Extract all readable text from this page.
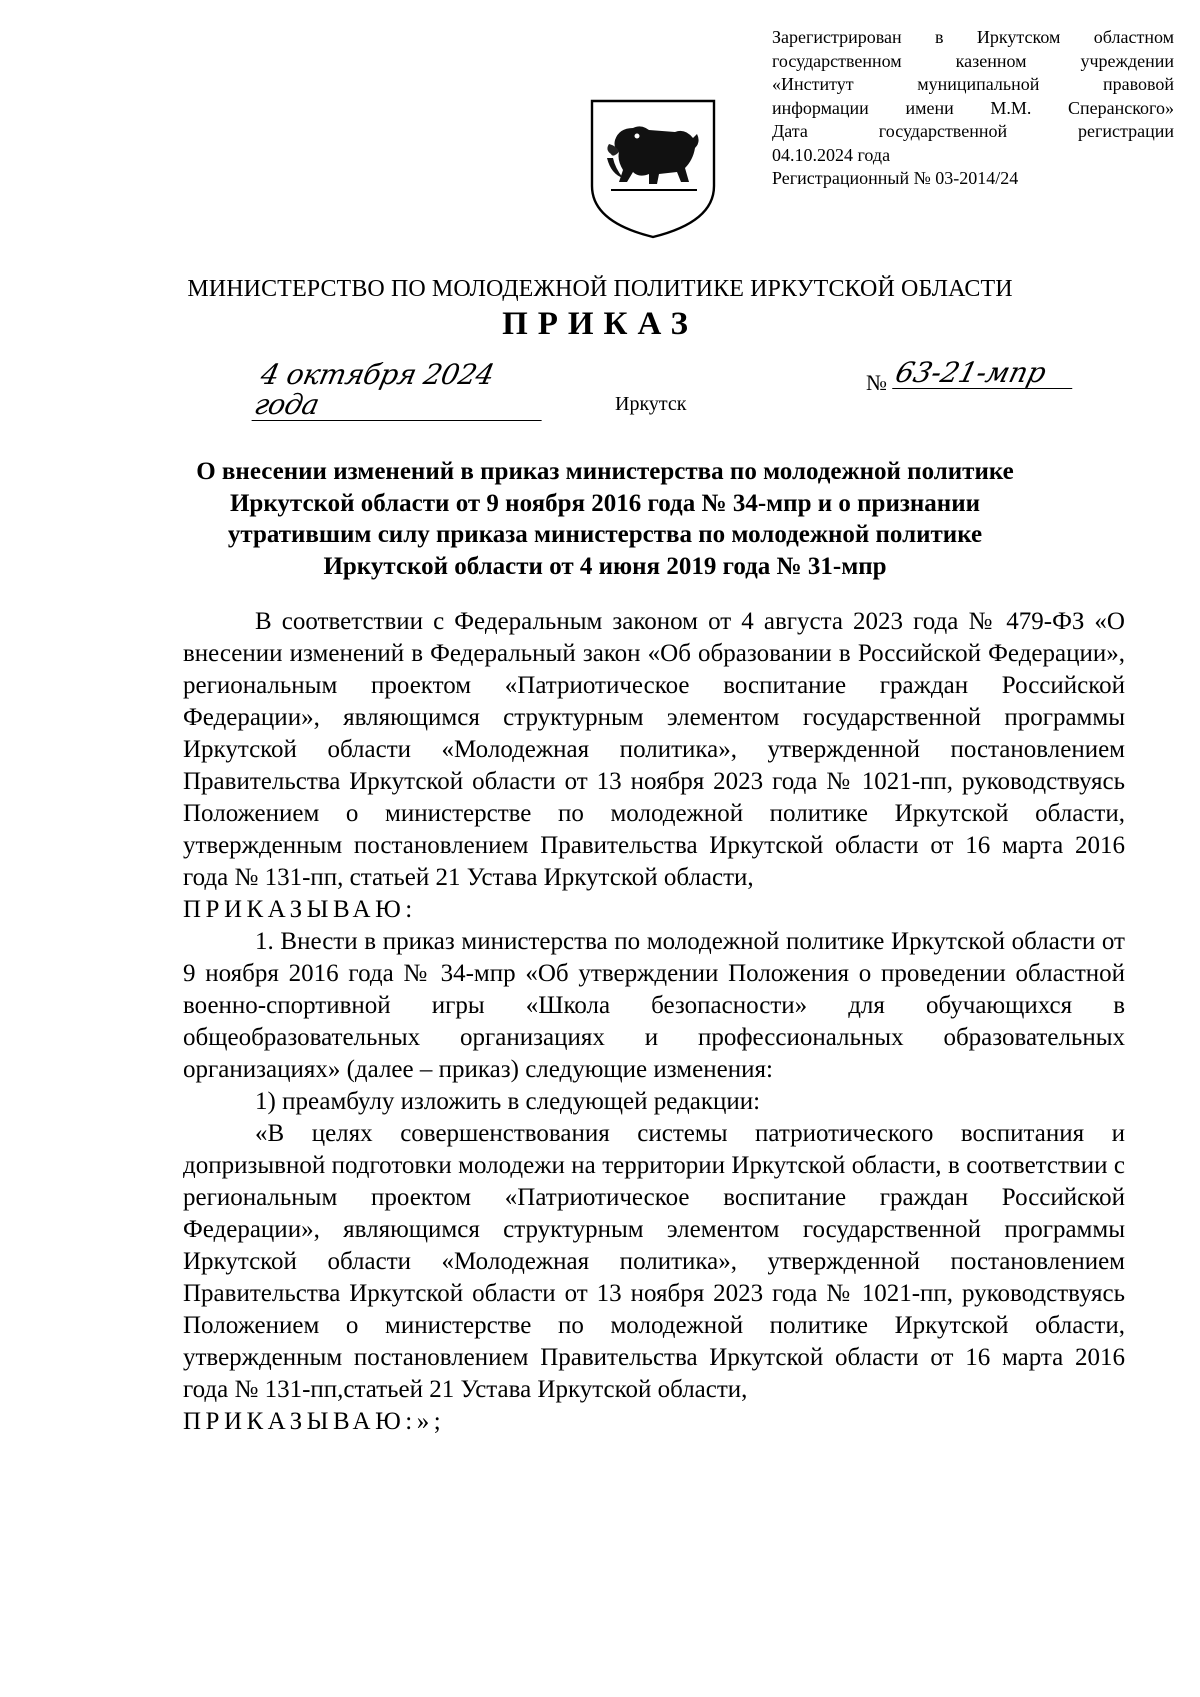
Зарегистрирован в Иркутском областном
государственном казенном учреждении
«Институт муниципальной правовой
информации имени М.М. Сперанского»
Дата государственной регистрации
04.10.2024 года
Регистрационный № 03-2014/24
МИНИСТЕРСТВО ПО МОЛОДЕЖНОЙ ПОЛИТИКЕ ИРКУТСКОЙ ОБЛАСТИ
ПРИКАЗ
4 октября 2024 года	Иркутск
№ 63-21-мпр
О внесении изменений в приказ министерства по молодежной политике Иркутской области от 9 ноября 2016 года № 34-мпр и о признании утратившим силу приказа министерства по молодежной политике Иркутской области от 4 июня 2019 года № 31-мпр

В соответствии с Федеральным законом от 4 августа 2023 года № 479-ФЗ «О внесении изменений в Федеральный закон «Об образовании в Российской Федерации», региональным проектом «Патриотическое воспитание граждан Российской Федерации», являющимся структурным элементом государственной программы Иркутской области «Молодежная политика», утвержденной постановлением Правительства Иркутской области от 13 ноября 2023 года № 1021-пп, руководствуясь Положением о министерстве по молодежной политике Иркутской области, утвержденным постановлением Правительства Иркутской области от 16 марта 2016 года № 131-пп, статьей 21 Устава Иркутской области,

ПРИКАЗЫВАЮ:

1. Внести в приказ министерства по молодежной политике Иркутской области от 9 ноября 2016 года № 34-мпр «Об утверждении Положения о проведении областной военно-спортивной игры «Школа безопасности» для обучающихся в общеобразовательных организациях и профессиональных образовательных организациях» (далее – приказ) следующие изменения:

1) преамбулу изложить в следующей редакции:

«В целях совершенствования системы патриотического воспитания и допризывной подготовки молодежи на территории Иркутской области, в соответствии с региональным проектом «Патриотическое воспитание граждан Российской Федерации», являющимся структурным элементом государственной программы Иркутской области «Молодежная политика», утвержденной постановлением Правительства Иркутской области от 13 ноября 2023 года № 1021-пп, руководствуясь Положением о министерстве по молодежной политике Иркутской области, утвержденным постановлением Правительства Иркутской области от 16 марта 2016 года № 131-пп,статьей 21 Устава Иркутской области,

ПРИКАЗЫВАЮ:»;
